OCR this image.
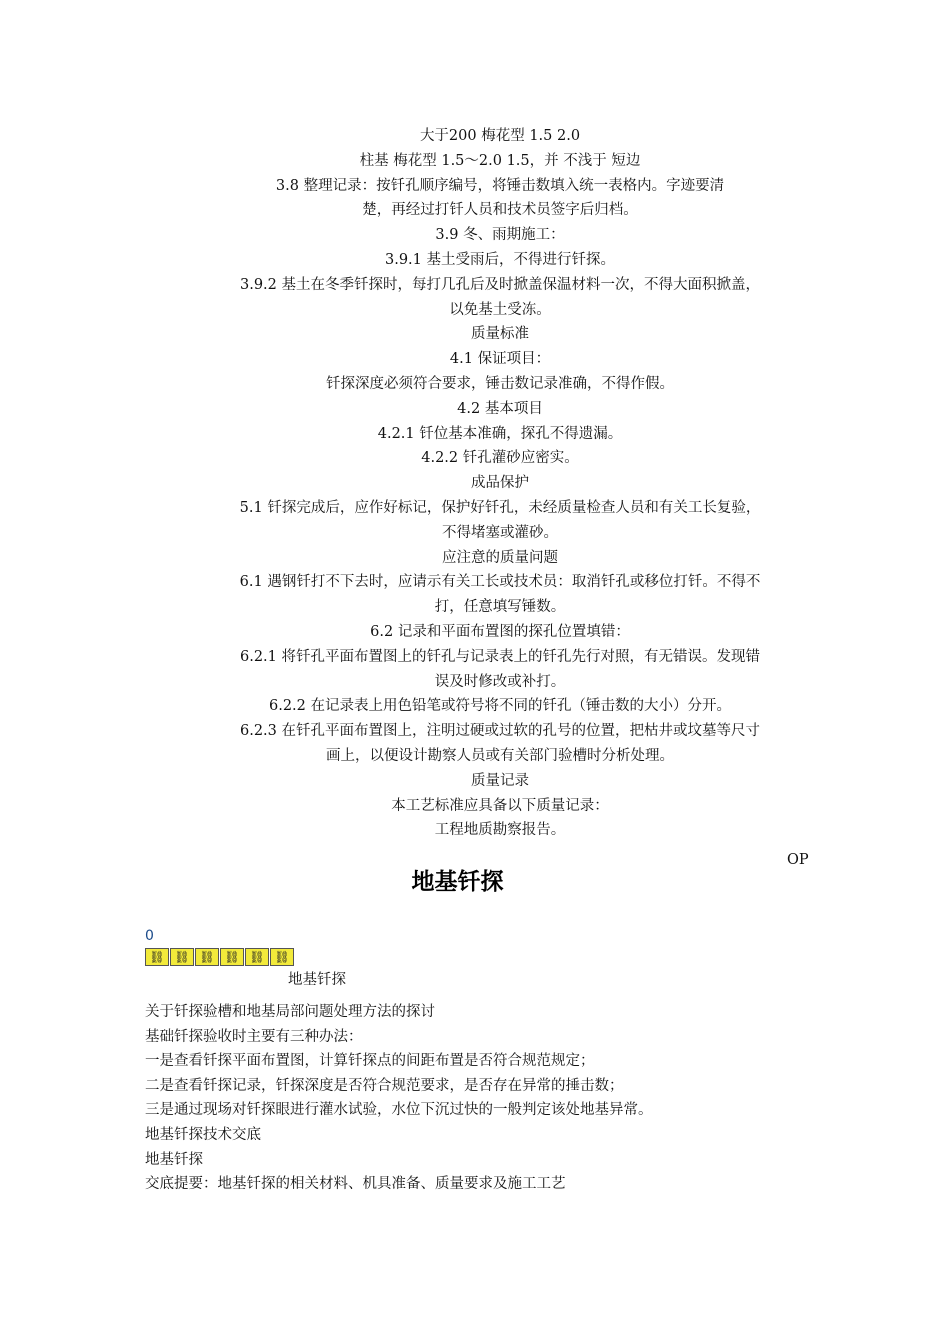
大于200 梅花型 1.5 2.0

柱基 梅花型 1.5～2.0 1.5，并 不浅于 短边

3.8 整理记录：按钎孔顺序编号，将锤击数填入统一表格内。字迹要清

楚，再经过打钎人员和技术员签字后归档。

3.9 冬、雨期施工：

3.9.1 基土受雨后，不得进行钎探。

3.9.2 基土在冬季钎探时，每打几孔后及时掀盖保温材料一次，不得大面积掀盖，

以免基土受冻。

质量标准

4.1 保证项目：

钎探深度必须符合要求，锤击数记录准确，不得作假。

4.2 基本项目

4.2.1 钎位基本准确，探孔不得遗漏。

4.2.2 钎孔灌砂应密实。

成品保护

5.1 钎探完成后，应作好标记，保护好钎孔，未经质量检查人员和有关工长复验，

不得堵塞或灌砂。

应注意的质量问题

6.1 遇钢钎打不下去时，应请示有关工长或技术员：取消钎孔或移位打钎。不得不

打，任意填写锤数。

6.2 记录和平面布置图的探孔位置填错：

6.2.1 将钎孔平面布置图上的钎孔与记录表上的钎孔先行对照，有无错误。发现错

误及时修改或补打。

6.2.2 在记录表上用色铅笔或符号将不同的钎孔（锤击数的大小）分开。

6.2.3 在钎孔平面布置图上，注明过硬或过软的孔号的位置，把枯井或坟墓等尺寸

画上，以便设计勘察人员或有关部门验槽时分析处理。

质量记录

本工艺标准应具备以下质量记录：

工程地质勘察报告。

OP
地基钎探
0
⛓ ⛓ ⛓ ⛓ ⛓ ⛓
地基钎探

关于钎探验槽和地基局部问题处理方法的探讨

基础钎探验收时主要有三种办法：

一是查看钎探平面布置图，计算钎探点的间距布置是否符合规范规定；

二是查看钎探记录，钎探深度是否符合规范要求，是否存在异常的捶击数；

三是通过现场对钎探眼进行灌水试验，水位下沉过快的一般判定该处地基异常。

地基钎探技术交底

地基钎探

交底提要：地基钎探的相关材料、机具准备、质量要求及施工工艺
